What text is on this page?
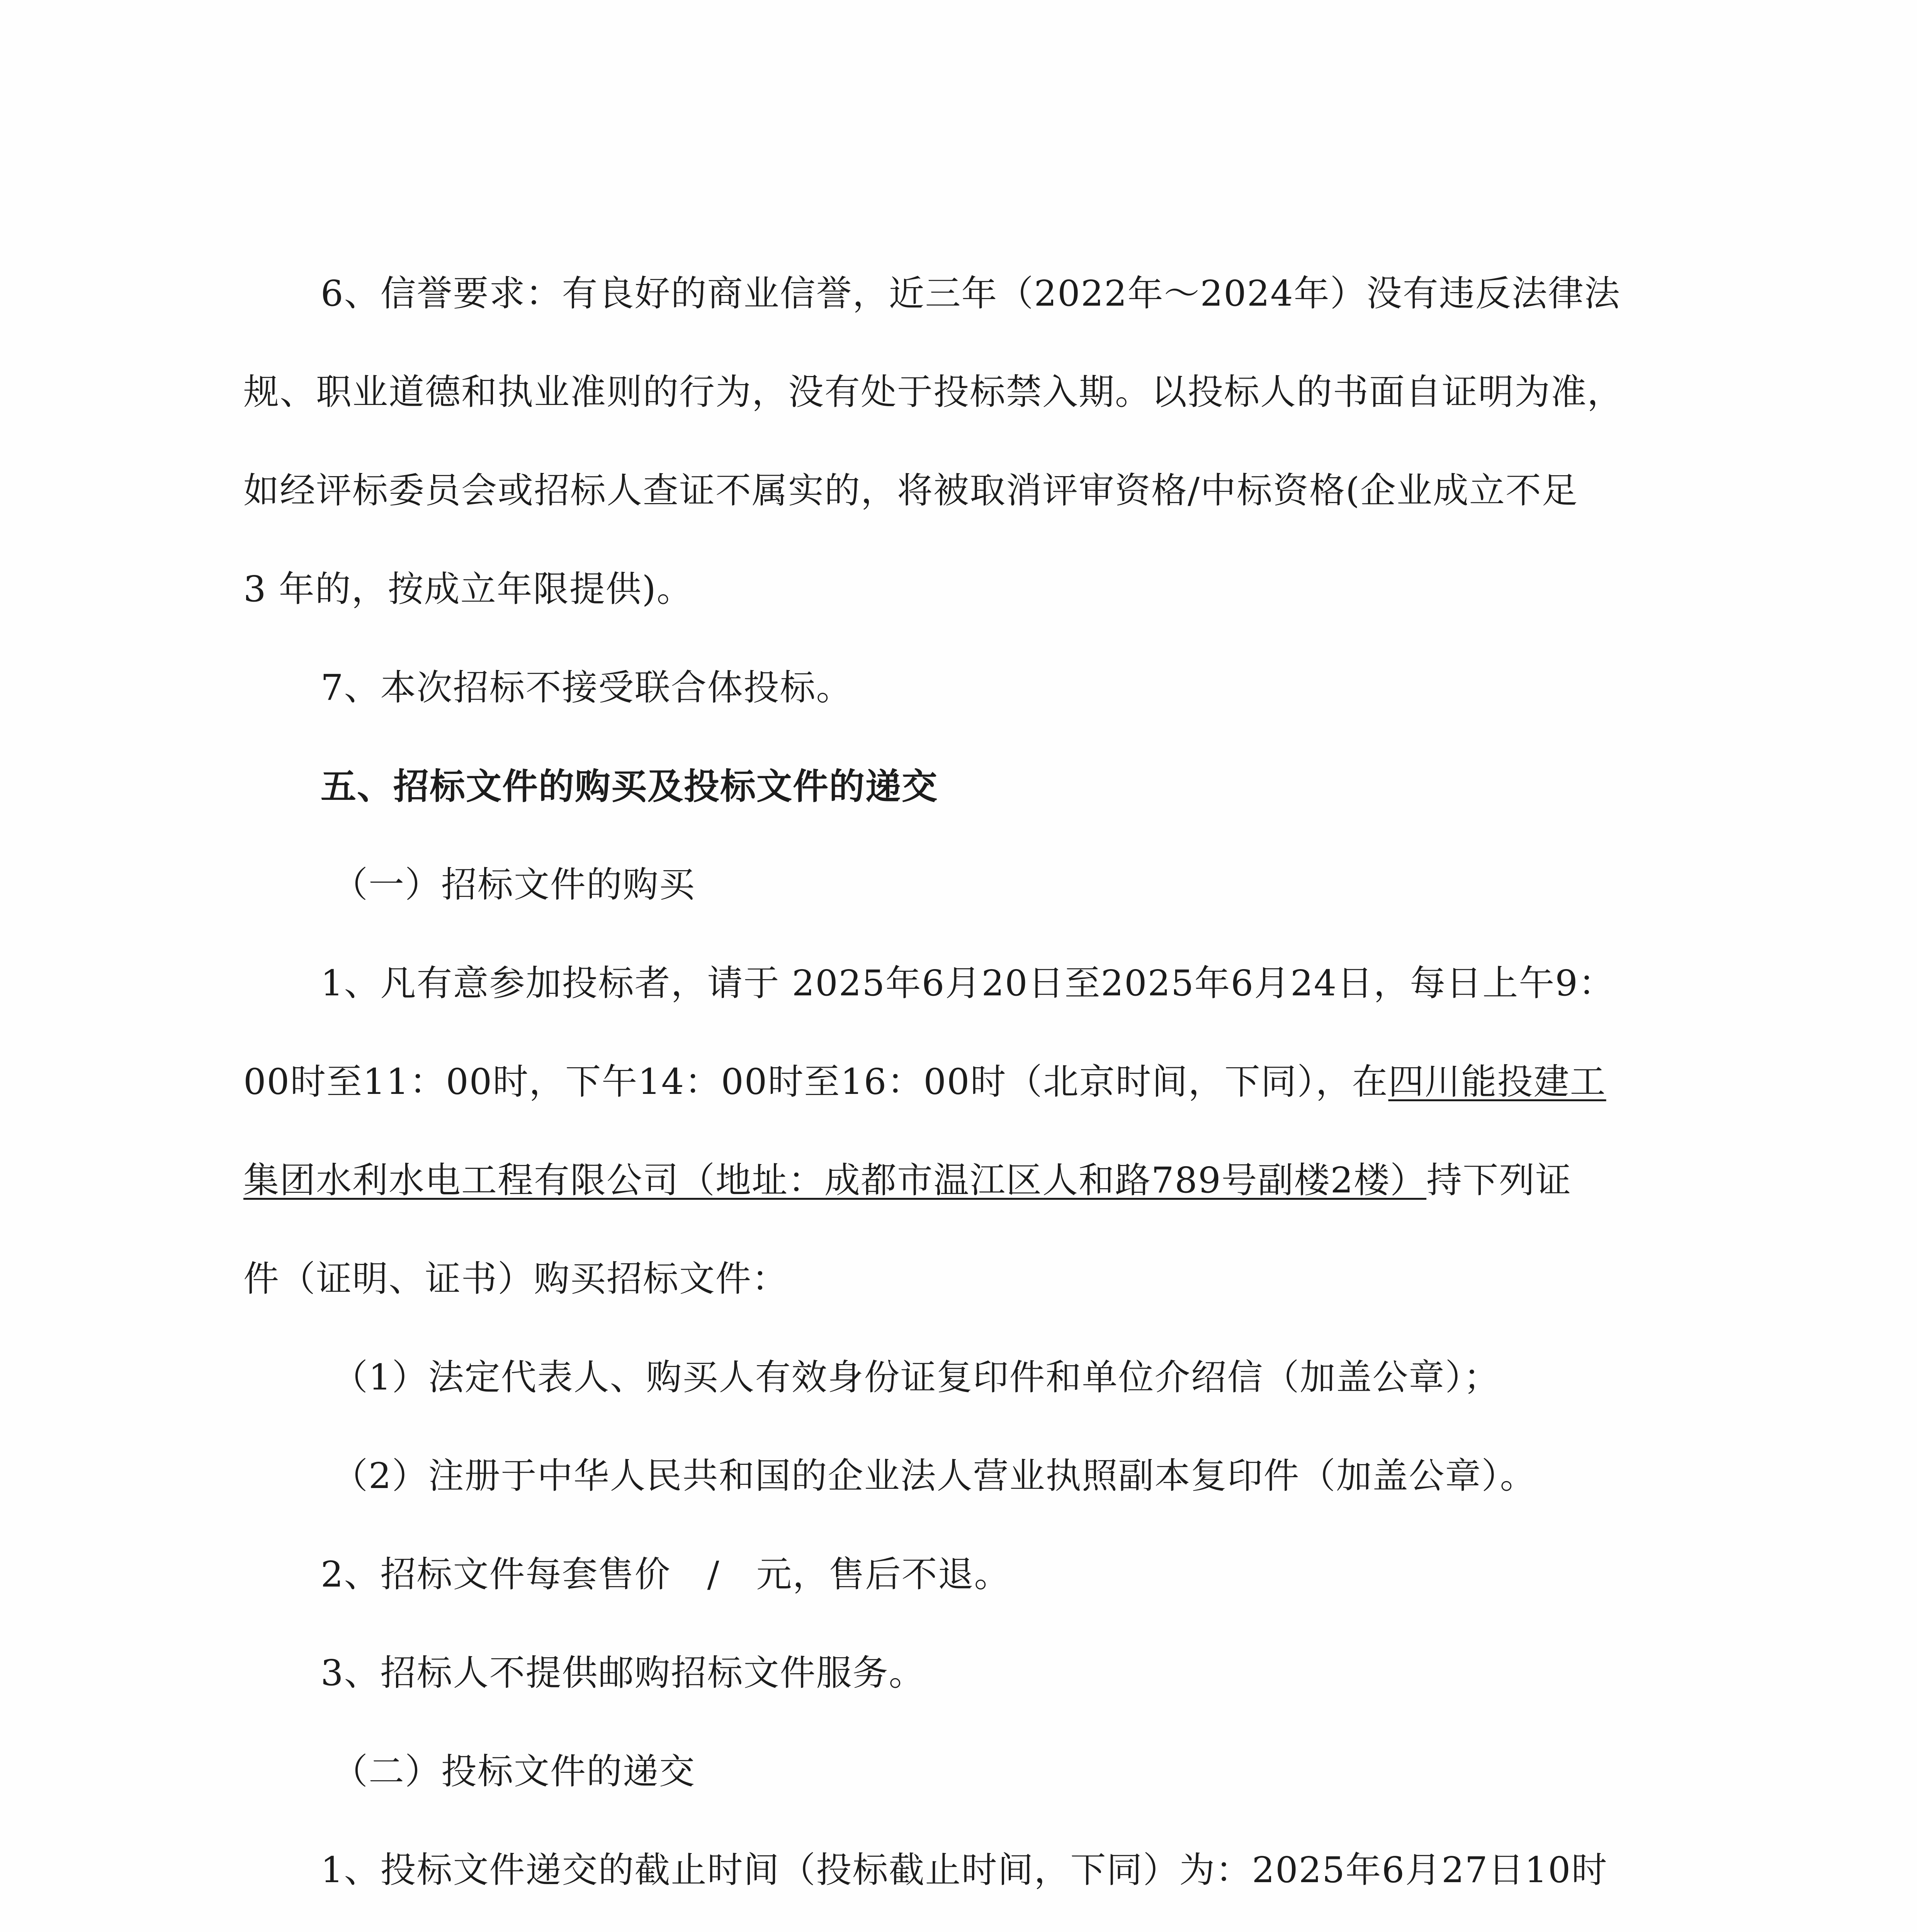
6、信誉要求：有良好的商业信誉，近三年（2022年～2024年）没有违反法律法

规、职业道德和执业准则的行为，没有处于投标禁入期。以投标人的书面自证明为准，

如经评标委员会或招标人查证不属实的，将被取消评审资格/中标资格(企业成立不足

3 年的，按成立年限提供)。

7、本次招标不接受联合体投标。

五、招标文件的购买及投标文件的递交

（一）招标文件的购买

1、凡有意参加投标者，请于 2025年6月20日至2025年6月24日，每日上午9：

00时至11：00时，下午14：00时至16：00时（北京时间，下同），在四川能投建工

集团水利水电工程有限公司（地址：成都市温江区人和路789号副楼2楼）持下列证

件（证明、证书）购买招标文件：

（1）法定代表人、购买人有效身份证复印件和单位介绍信（加盖公章）；

（2）注册于中华人民共和国的企业法人营业执照副本复印件（加盖公章）。

2、招标文件每套售价　/　元，售后不退。

3、招标人不提供邮购招标文件服务。

（二）投标文件的递交

1、投标文件递交的截止时间（投标截止时间，下同）为：2025年6月27日10时
